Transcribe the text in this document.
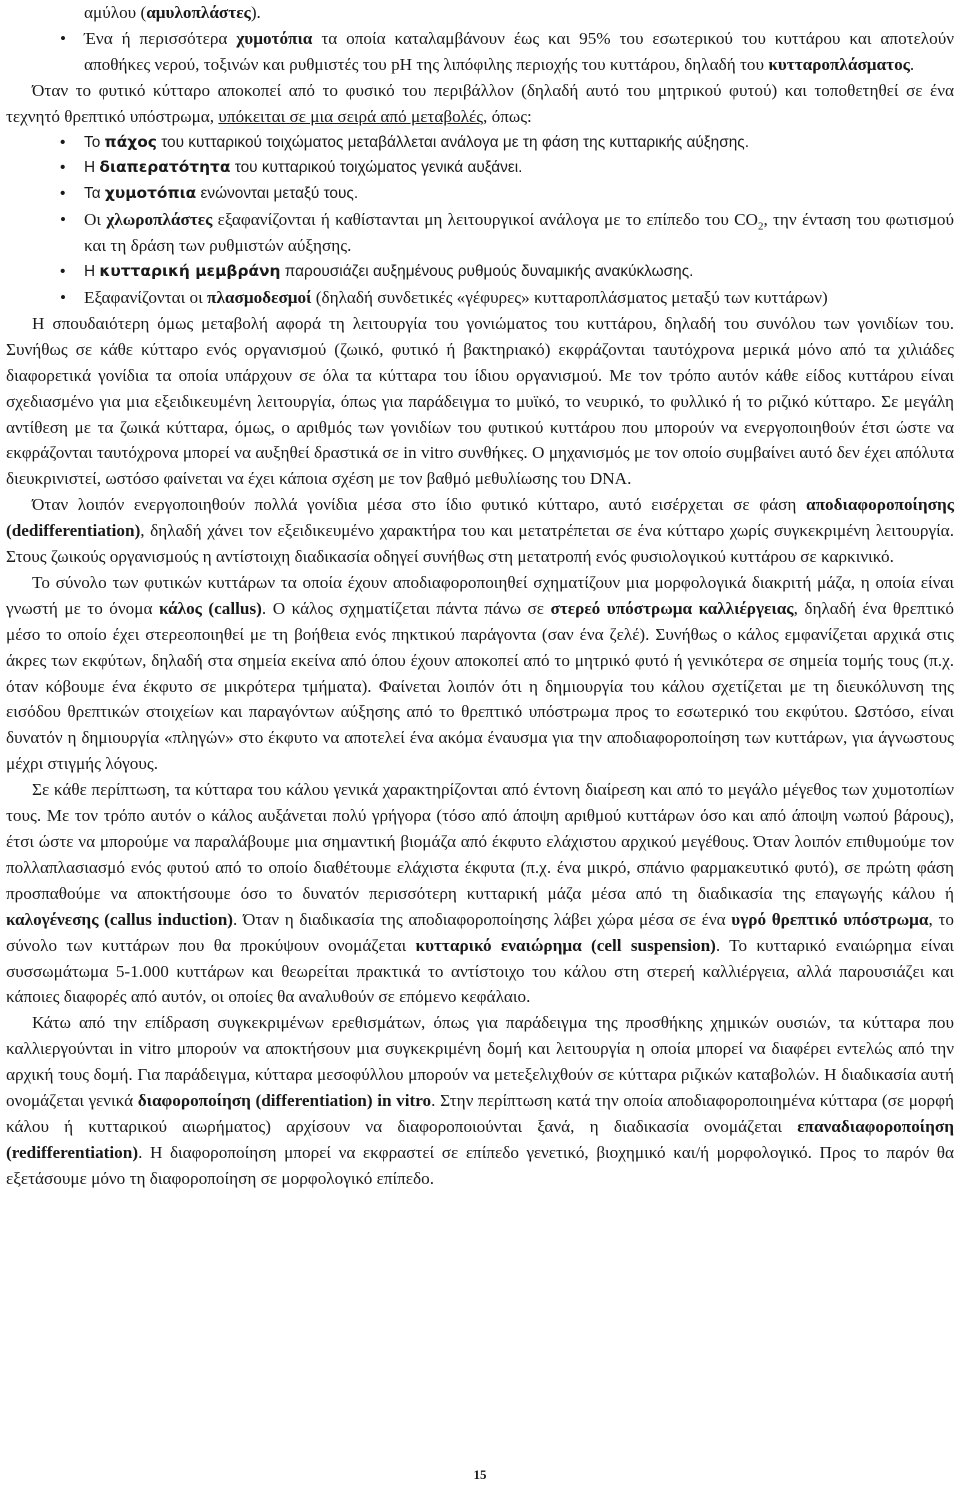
αμύλου (αμυλοπλάστες).

• Ένα ή περισσότερα χυμοτόπια τα οποία καταλαμβάνουν έως και 95% του εσωτερικού του κυττάρου και αποτελούν αποθήκες νερού, τοξινών και ρυθμιστές του pH της λιπόφιλης περιοχής του κυττάρου, δηλαδή του κυτταροπλάσματος.

Όταν το φυτικό κύτταρο αποκοπεί από το φυσικό του περιβάλλον (δηλαδή αυτό του μητρικού φυτού) και τοποθετηθεί σε ένα τεχνητό θρεπτικό υπόστρωμα, υπόκειται σε μια σειρά από μεταβολές, όπως:

• Το πάχος του κυτταρικού τοιχώματος μεταβάλλεται ανάλογα με τη φάση της κυτταρικής αύξησης.
• Η διαπερατότητα του κυτταρικού τοιχώματος γενικά αυξάνει.
• Τα χυμοτόπια ενώνονται μεταξύ τους.
• Οι χλωροπλάστες εξαφανίζονται ή καθίστανται μη λειτουργικοί ανάλογα με το επίπεδο του $CO_2$, την ένταση του φωτισμού και τη δράση των ρυθμιστών αύξησης.
• Η κυτταρική μεμβράνη παρουσιάζει αυξημένους ρυθμούς δυναμικής ανακύκλωσης.
• Εξαφανίζονται οι πλασμοδεσμοί (δηλαδή συνδετικές «γέφυρες» κυτταροπλάσματος μεταξύ των κυττάρων)

Η σπουδαιότερη όμως μεταβολή αφορά τη λειτουργία του γονιώματος του κυττάρου, δηλαδή του συνόλου των γονιδίων του. Συνήθως σε κάθε κύτταρο ενός οργανισμού (ζωικό, φυτικό ή βακτηριακό) εκφράζονται ταυτόχρονα μερικά μόνο από τα χιλιάδες διαφορετικά γονίδια τα οποία υπάρχουν σε όλα τα κύτταρα του ίδιου οργανισμού. Με τον τρόπο αυτόν κάθε είδος κυττάρου είναι σχεδιασμένο για μια εξειδικευμένη λειτουργία, όπως για παράδειγμα το μυϊκό, το νευρικό, το φυλλικό ή το ριζικό κύτταρο. Σε μεγάλη αντίθεση με τα ζωικά κύτταρα, όμως, ο αριθμός των γονιδίων του φυτικού κυττάρου που μπορούν να ενεργοποιηθούν έτσι ώστε να εκφράζονται ταυτόχρονα μπορεί να αυξηθεί δραστικά σε in vitro συνθήκες. Ο μηχανισμός με τον οποίο συμβαίνει αυτό δεν έχει απόλυτα διευκρινιστεί, ωστόσο φαίνεται να έχει κάποια σχέση με τον βαθμό μεθυλίωσης του DNA.

Όταν λοιπόν ενεργοποιηθούν πολλά γονίδια μέσα στο ίδιο φυτικό κύτταρο, αυτό εισέρχεται σε φάση αποδιαφοροποίησης (dedifferentiation), δηλαδή χάνει τον εξειδικευμένο χαρακτήρα του και μετατρέπεται σε ένα κύτταρο χωρίς συγκεκριμένη λειτουργία. Στους ζωικούς οργανισμούς η αντίστοιχη διαδικασία οδηγεί συνήθως στη μετατροπή ενός φυσιολογικού κυττάρου σε καρκινικό.

Το σύνολο των φυτικών κυττάρων τα οποία έχουν αποδιαφοροποιηθεί σχηματίζουν μια μορφολογικά διακριτή μάζα, η οποία είναι γνωστή με το όνομα κάλος (callus). Ο κάλος σχηματίζεται πάντα πάνω σε στερεό υπόστρωμα καλλιέργειας, δηλαδή ένα θρεπτικό μέσο το οποίο έχει στερεοποιηθεί με τη βοήθεια ενός πηκτικού παράγοντα (σαν ένα ζελέ). Συνήθως ο κάλος εμφανίζεται αρχικά στις άκρες των εκφύτων, δηλαδή στα σημεία εκείνα από όπου έχουν αποκοπεί από το μητρικό φυτό ή γενικότερα σε σημεία τομής τους (π.χ. όταν κόβουμε ένα έκφυτο σε μικρότερα τμήματα). Φαίνεται λοιπόν ότι η δημιουργία του κάλου σχετίζεται με τη διευκόλυνση της εισόδου θρεπτικών στοιχείων και παραγόντων αύξησης από το θρεπτικό υπόστρωμα προς το εσωτερικό του εκφύτου. Ωστόσο, είναι δυνατόν η δημιουργία «πληγών» στο έκφυτο να αποτελεί ένα ακόμα έναυσμα για την αποδιαφοροποίηση των κυττάρων, για άγνωστους μέχρι στιγμής λόγους.

Σε κάθε περίπτωση, τα κύτταρα του κάλου γενικά χαρακτηρίζονται από έντονη διαίρεση και από το μεγάλο μέγεθος των χυμοτοπίων τους. Με τον τρόπο αυτόν ο κάλος αυξάνεται πολύ γρήγορα (τόσο από άποψη αριθμού κυττάρων όσο και από άποψη νωπού βάρους), έτσι ώστε να μπορούμε να παραλάβουμε μια σημαντική βιομάζα από έκφυτο ελάχιστου αρχικού μεγέθους. Όταν λοιπόν επιθυμούμε τον πολλαπλασιασμό ενός φυτού από το οποίο διαθέτουμε ελάχιστα έκφυτα (π.χ. ένα μικρό, σπάνιο φαρμακευτικό φυτό), σε πρώτη φάση προσπαθούμε να αποκτήσουμε όσο το δυνατόν περισσότερη κυτταρική μάζα μέσα από τη διαδικασία της επαγωγής κάλου ή καλογένεσης (callus induction). Όταν η διαδικασία της αποδιαφοροποίησης λάβει χώρα μέσα σε ένα υγρό θρεπτικό υπόστρωμα, το σύνολο των κυττάρων που θα προκύψουν ονομάζεται κυτταρικό εναιώρημα (cell suspension). Το κυτταρικό εναιώρημα είναι συσσωμάτωμα 5-1.000 κυττάρων και θεωρείται πρακτικά το αντίστοιχο του κάλου στη στερεή καλλιέργεια, αλλά παρουσιάζει και κάποιες διαφορές από αυτόν, οι οποίες θα αναλυθούν σε επόμενο κεφάλαιο.

Κάτω από την επίδραση συγκεκριμένων ερεθισμάτων, όπως για παράδειγμα της προσθήκης χημικών ουσιών, τα κύτταρα που καλλιεργούνται in vitro μπορούν να αποκτήσουν μια συγκεκριμένη δομή και λειτουργία η οποία μπορεί να διαφέρει εντελώς από την αρχική τους δομή. Για παράδειγμα, κύτταρα μεσοφύλλου μπορούν να μετεξελιχθούν σε κύτταρα ριζικών καταβολών. Η διαδικασία αυτή ονομάζεται γενικά διαφοροποίηση (differentiation) in vitro. Στην περίπτωση κατά την οποία αποδιαφοροποιημένα κύτταρα (σε μορφή κάλου ή κυτταρικού αιωρήματος) αρχίσουν να διαφοροποιούνται ξανά, η διαδικασία ονομάζεται επαναδιαφοροποίηση (redifferentiation). Η διαφοροποίηση μπορεί να εκφραστεί σε επίπεδο γενετικό, βιοχημικό και/ή μορφολογικό. Προς το παρόν θα εξετάσουμε μόνο τη διαφοροποίηση σε μορφολογικό επίπεδο.

15
